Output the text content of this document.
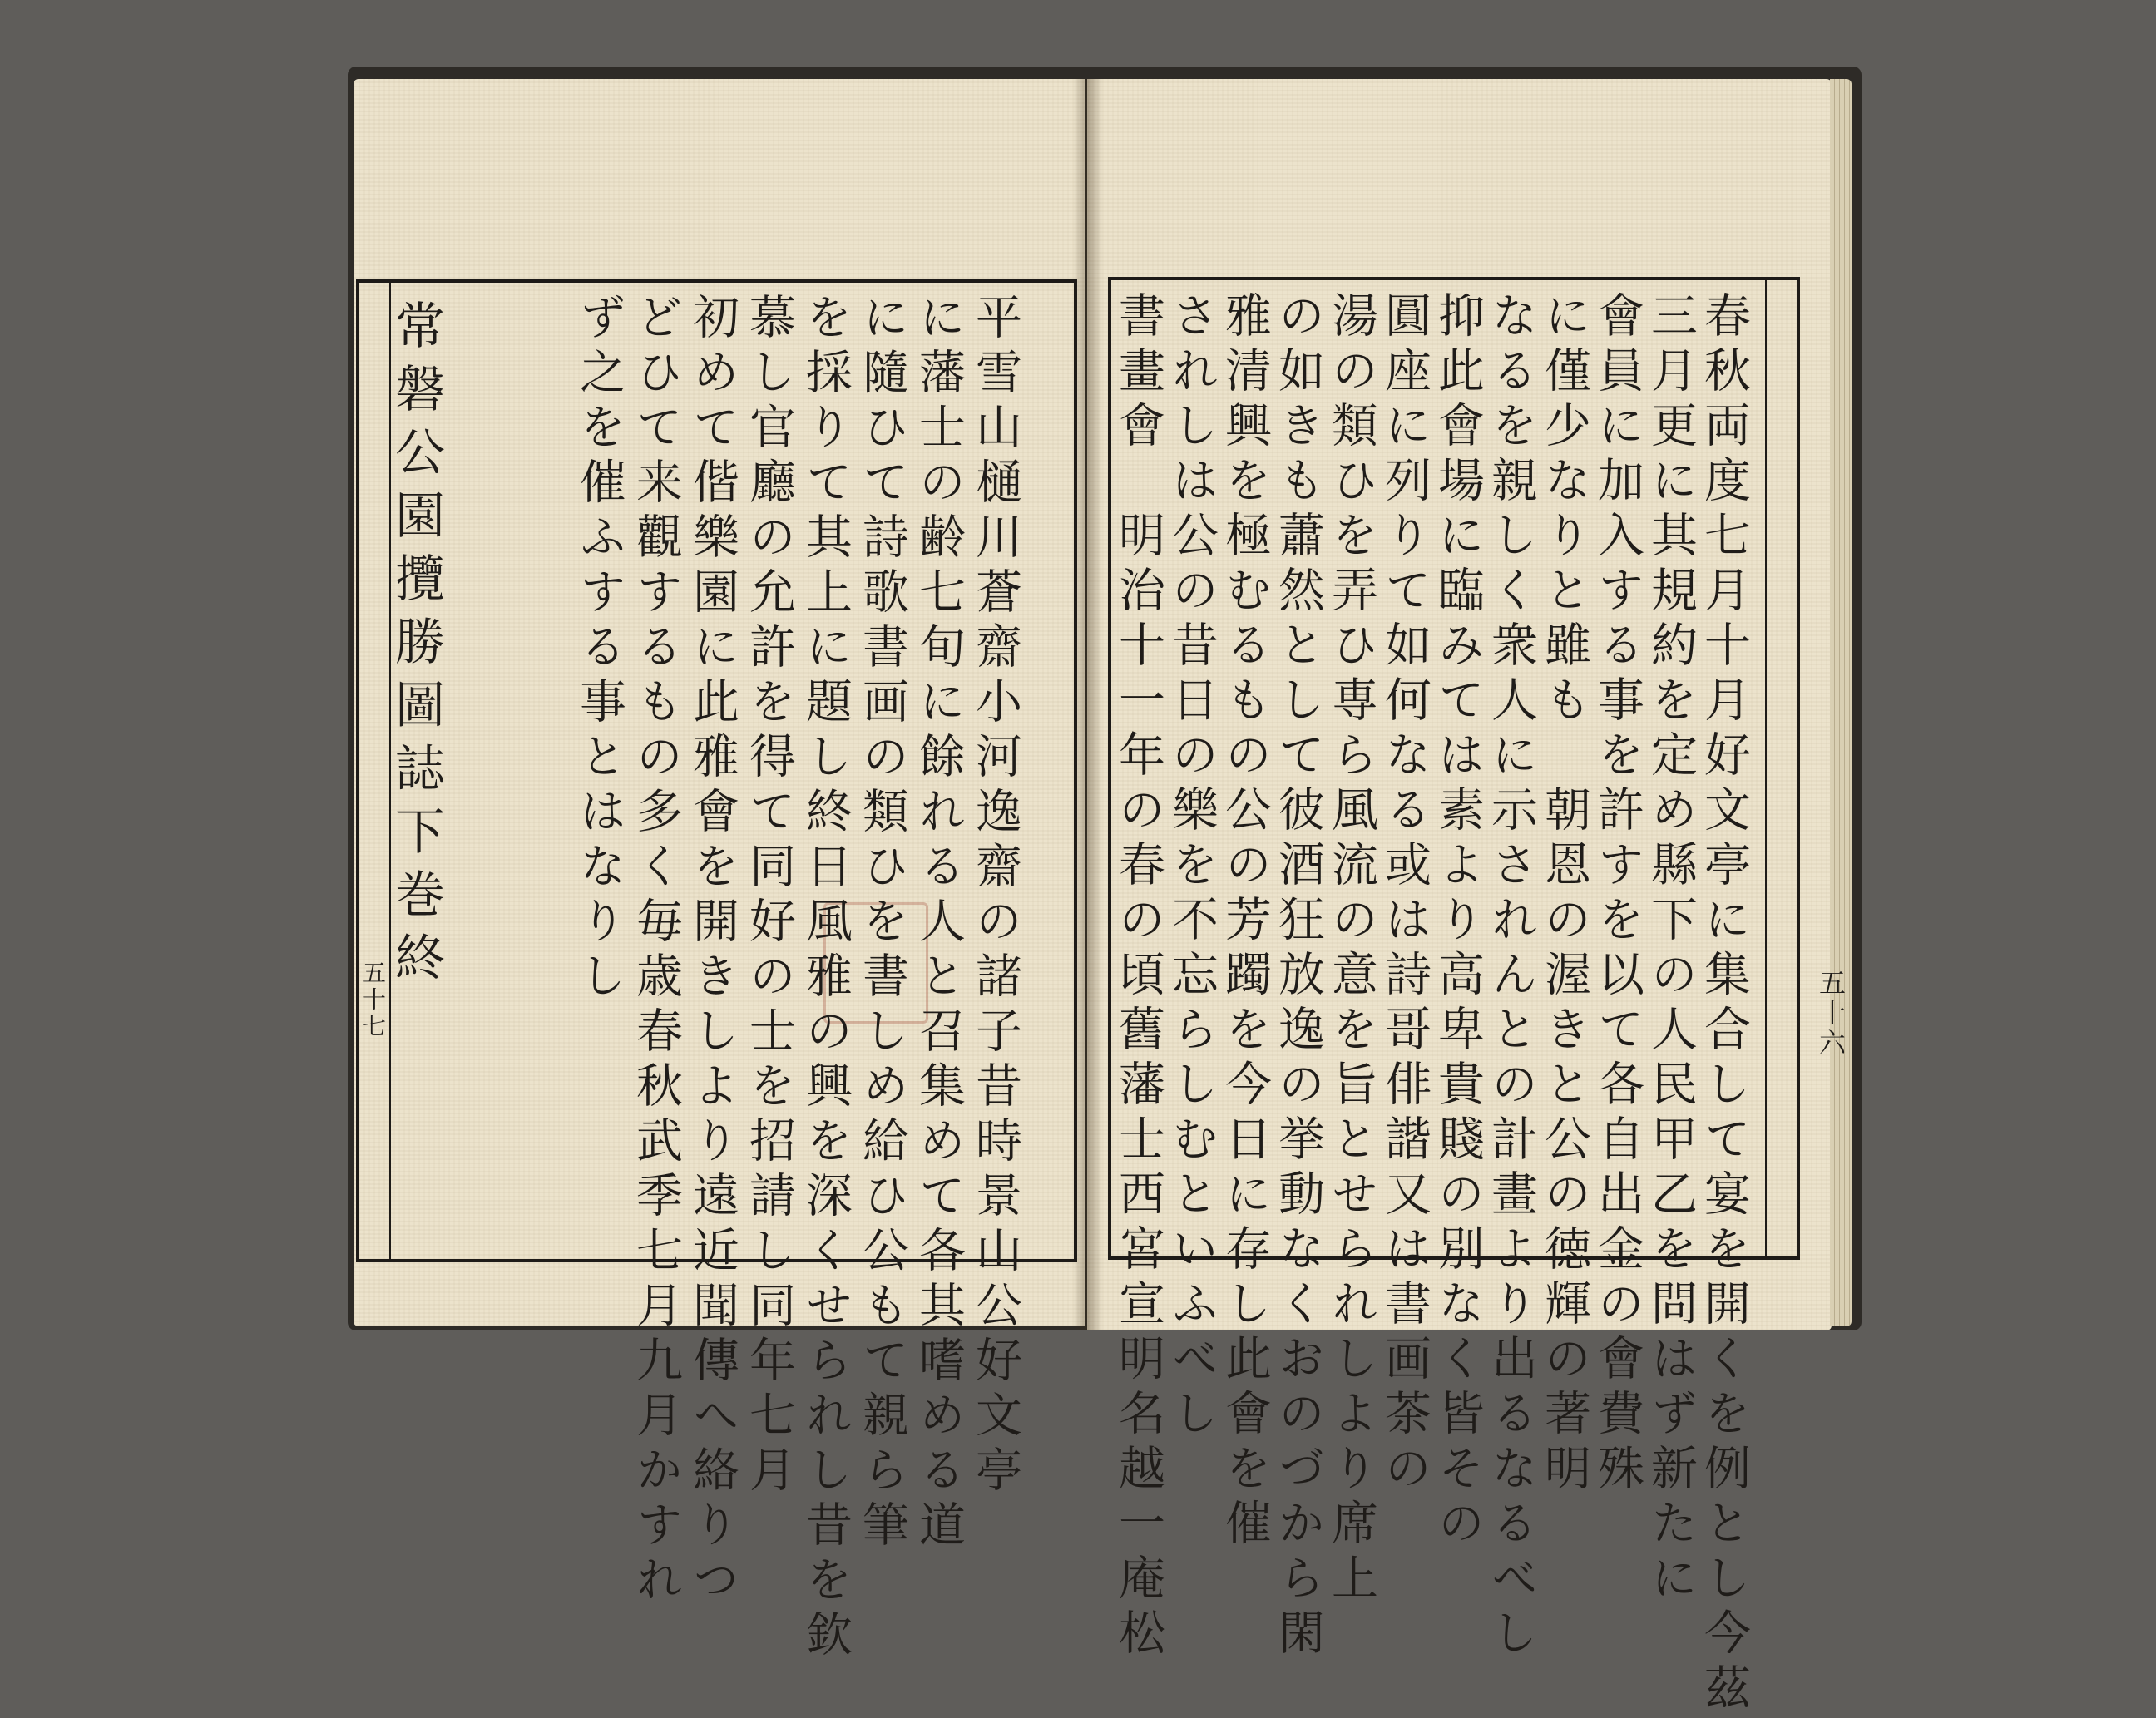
常磐公園攬勝圖誌下巻終
五十七	平雪山樋川蒼齋小河逸齋の諸子昔時景山公好文亭
に藩士の齢七旬に餘れる人と召集めて各其嗜める道
に隨ひて詩歌書画の類ひを書しめ給ひ公もて親ら筆
を採りて其上に題し終日風雅の興を深くせられし昔を欽
慕し官廳の允許を得て同好の士を招請し同年七月
初めて偕樂園に此雅會を開きしより遠近聞傳へ絡りつ
どひて来觀するもの多く毎歳春秋武季七月九月かすれ
ず之を催ふする事とはなりし
五十六
春秋両度七月十月好文亭に集合して宴を開くを例とし今茲
三月更に其規約を定め縣下の人民甲乙を問はず新たに
會員に加入する事を許すを以て各自出金の會費殊
に僅少なりと雖も　朝恩の渥きと公の徳輝の著明
なるを親しく衆人に示されんとの計畫より出るなるべし
抑此會場に臨みては素より高卑貴賤の別なく皆その
圓座に列りて如何なる或は詩哥俳諧又は書画茶の
湯の類ひを弄ひ専ら風流の意を旨とせられしより席上
の如きも蕭然として彼酒狂放逸の挙動なくおのづから閑
雅清興を極むるもの公の芳躅を今日に存し此會を催
されしは公の昔日の樂を不忘らしむといふべし
書畫會　明治十一年の春の頃舊藩士西宮宣明名越一庵松
